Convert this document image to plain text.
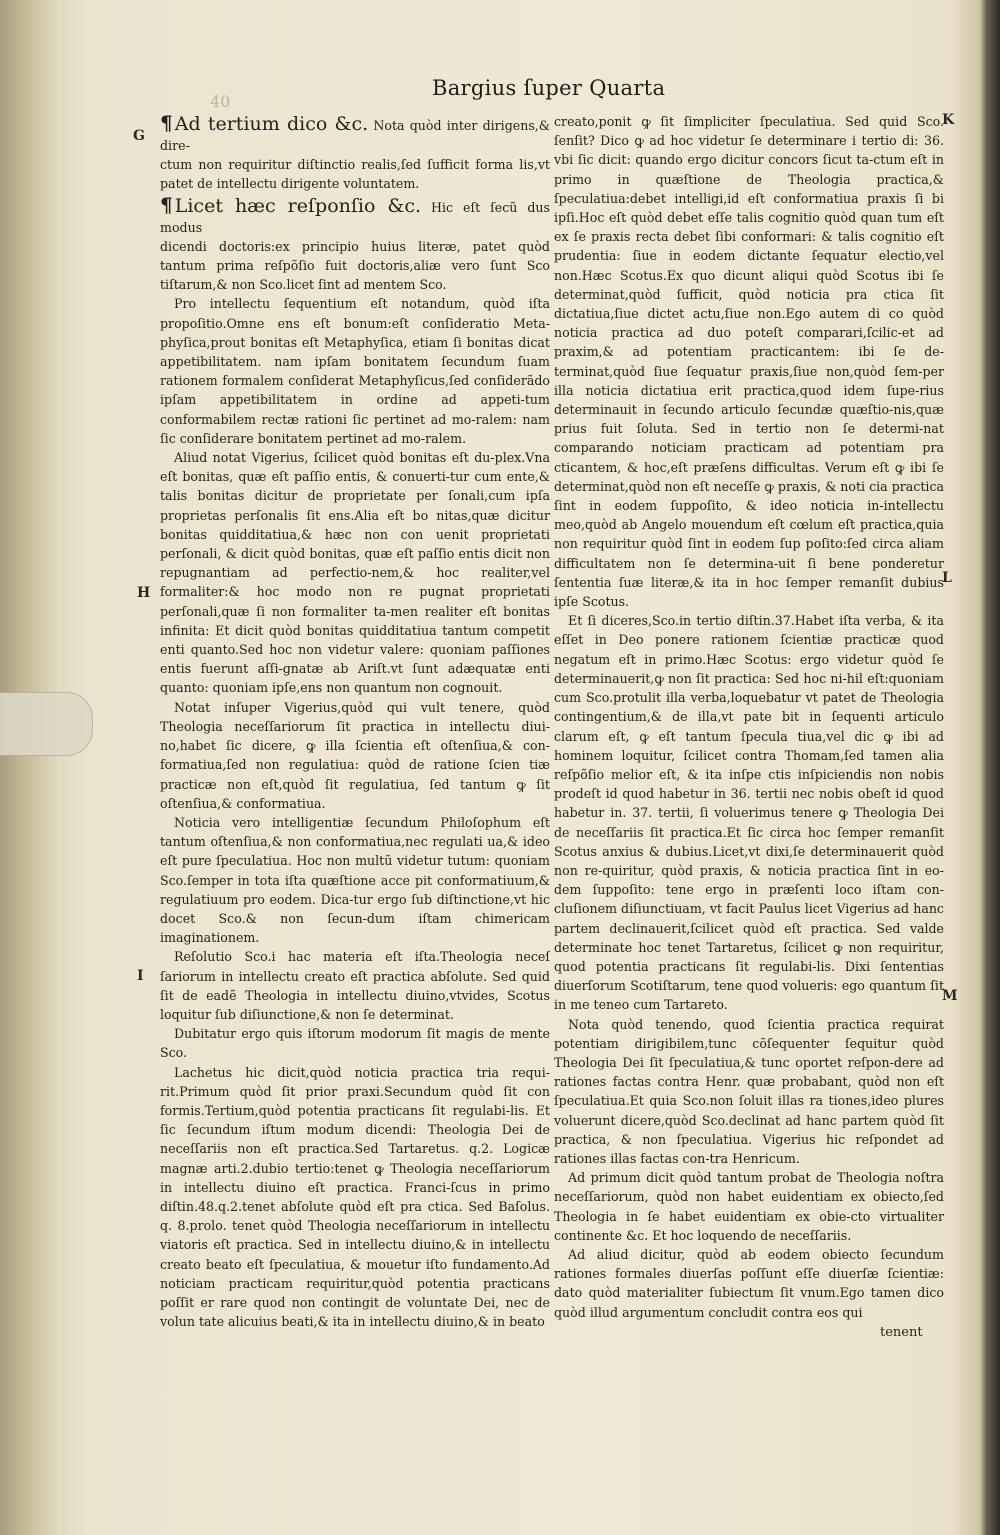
40
Bargius ſuper Quarta
G
K
H
L
I
M

¶ Ad tertium dico &c. Nota quòd inter dirigens,& dire-

ctum non requiritur diſtinctio realis,ſed ſufficit forma lis,vt patet de intellectu dirigente voluntatem.

¶ Licet hæc reſponſio &c. Hic eſt ſecũ dus modus

dicendi doctoris:ex principio huius literæ, patet quòd tantum prima reſpõſio fuit doctoris,aliæ vero ſunt Sco tiſtarum,& non Sco.licet ſint ad mentem Sco.

Pro intellectu ſequentium eſt notandum, quòd iſta propoſitio.Omne ens eſt bonum:eſt conſideratio Meta-phyſica,prout bonitas eſt Metaphyſica, etiam ſi bonitas dicat appetibilitatem. nam ipſam bonitatem ſecundum ſuam rationem formalem conſiderat Metaphyſicus,ſed conſiderãdo ipſam appetibilitatem in ordine ad appeti-tum conformabilem rectæ rationi ſic pertinet ad mo-ralem: nam ſic conſiderare bonitatem pertinet ad mo-ralem.

Aliud notat Vigerius, ſcilicet quòd bonitas eſt du-plex.Vna eſt bonitas, quæ eſt paſſio entis, & conuerti-tur cum ente,& talis bonitas dicitur de proprietate per ſonali,cum ipſa proprietas perſonalis ſit ens.Alia eſt bo nitas,quæ dicitur bonitas quidditatiua,& hæc non con uenit proprietati perſonali, & dicit quòd bonitas, quæ eſt paſſio entis dicit non repugnantiam ad perfectio-nem,& hoc realiter,vel formaliter:& hoc modo non re pugnat proprietati perſonali,quæ ſi non formaliter ta-men realiter eſt bonitas infinita: Et dicit quòd bonitas quidditatiua tantum competit enti quanto.Sed hoc non videtur valere: quoniam paſſiones entis fuerunt aſſi-gnatæ ab Ariſt.vt ſunt adæquatæ enti quanto: quoniam ipſe,ens non quantum non cognouit.

Notat inſuper Vigerius,quòd qui vult tenere, quòd Theologia neceſſariorum ſit practica in intellectu diui-no,habet ſic dicere, ꝙ illa ſcientia eſt oſtenſiua,& con-formatiua,ſed non regulatiua: quòd de ratione ſcien tiæ practicæ non eſt,quòd ſit regulatiua, ſed tantum ꝙ ſit oſtenſiua,& conformatiua.

Noticia vero intelligentiæ ſecundum Philoſophum eſt tantum oſtenſiua,& non conformatiua,nec regulati ua,& ideo eſt pure ſpeculatiua. Hoc non multũ videtur tutum: quoniam Sco.ſemper in tota iſta quæſtione acce pit conformatiuum,& regulatiuum pro eodem. Dica-tur ergo ſub diſtinctione,vt hic docet Sco.& non ſecun-dum iſtam chimericam imaginationem.

Reſolutio Sco.i hac materia eſt iſta.Theologia neceſ ſariorum in intellectu creato eſt practica abſolute. Sed quid ſit de eadẽ Theologia in intellectu diuino,vtvides, Scotus loquitur ſub diſiunctione,& non ſe determinat.

Dubitatur ergo quis iſtorum modorum ſit magis de mente Sco.

Lachetus hic dicit,quòd noticia practica tria requi-rit.Primum quòd ſit prior praxi.Secundum quòd ſit con formis.Tertium,quòd potentia practicans ſit regulabi-lis. Et ſic ſecundum iſtum modum dicendi: Theologia Dei de neceſſariis non eſt practica.Sed Tartaretus. q.2. Logicæ magnæ arti.2.dubio tertio:tenet ꝙ Theologia neceſſariorum in intellectu diuino eſt practica. Franci-ſcus in primo diſtin.48.q.2.tenet abſolute quòd eſt pra ctica. Sed Baſolus. q. 8.prolo. tenet quòd Theologia neceſſariorum in intellectu viatoris eſt practica. Sed in intellectu diuino,& in intellectu creato beato eſt ſpeculatiua, & mouetur iſto fundamento.Ad noticiam practicam requiritur,quòd potentia practicans poſſit er rare quod non contingit de voluntate Dei, nec de volun tate alicuius beati,& ita in intellectu diuino,& in beato

creato,ponit ꝙ ſit ſimpliciter ſpeculatiua. Sed quid Sco. ſenſit? Dico ꝙ ad hoc videtur ſe determinare i tertio di: 36. vbi ſic dicit: quando ergo dicitur concors ſicut ta-ctum eſt in primo in quæſtione de Theologia practica,& ſpeculatiua:debet intelligi,id eſt conformatiua praxis ſi bi ipſi.Hoc eſt quòd debet eſſe talis cognitio quòd quan tum eſt ex ſe praxis recta debet ſibi conformari: & talis cognitio eſt prudentia: ſiue in eodem dictante ſequatur electio,vel non.Hæc Scotus.Ex quo dicunt aliqui quòd Scotus ibi ſe determinat,quòd ſufficit, quòd noticia pra ctica ſit dictatiua,ſiue dictet actu,ſiue non.Ego autem di co quòd noticia practica ad duo poteſt comparari,ſcilic-et ad praxim,& ad potentiam practicantem: ibi ſe de-terminat,quòd ſiue ſequatur praxis,ſiue non,quòd ſem-per illa noticia dictatiua erit practica,quod idem ſupe-rius determinauit in ſecundo articulo ſecundæ quæſtio-nis,quæ prius fuit ſoluta. Sed in tertio non ſe determi-nat comparando noticiam practicam ad potentiam pra cticantem, & hoc,eſt præſens difficultas. Verum eſt ꝙ ibi ſe determinat,quòd non eſt neceſſe ꝙ praxis, & noti cia practica ſint in eodem ſuppoſito, & ideo noticia in-intellectu meo,quòd ab Angelo mouendum eſt cœlum eſt practica,quia non requiritur quòd ſint in eodem ſup poſito:ſed circa aliam difficultatem non ſe determina-uit ſi bene ponderetur ſententia ſuæ literæ,& ita in hoc ſemper remanſit dubius ipſe Scotus.

Et ſi diceres,Sco.in tertio diſtin.37.Habet iſta verba, & ita eſſet in Deo ponere rationem ſcientiæ practicæ quod negatum eſt in primo.Hæc Scotus: ergo videtur quòd ſe determinauerit,ꝙ non ſit practica: Sed hoc ni-hil eſt:quoniam cum Sco.protulit illa verba,loquebatur vt patet de Theologia contingentium,& de illa,vt pate bit in ſequenti articulo clarum eſt, ꝙ eſt tantum ſpecula tiua,vel dic ꝙ ibi ad hominem loquitur, ſcilicet contra Thomam,ſed tamen alia reſpõſio melior eſt, & ita inſpe ctis inſpiciendis non nobis prodeſt id quod habetur in 36. tertii nec nobis obeſt id quod habetur in. 37. tertii, ſi voluerimus tenere ꝙ Theologia Dei de neceſſariis ſit practica.Et ſic circa hoc ſemper remanſit Scotus anxius & dubius.Licet,vt dixi,ſe determinauerit quòd non re-quiritur, quòd praxis, & noticia practica ſint in eo-dem ſuppoſito: tene ergo in præſenti loco iſtam con-cluſionem diſiunctiuam, vt facit Paulus licet Vigerius ad hanc partem declinauerit,ſcilicet quòd eſt practica. Sed valde determinate hoc tenet Tartaretus, ſcilicet ꝙ non requiritur, quod potentia practicans ſit regulabi-lis. Dixi ſententias diuerſorum Scotiſtarum, tene quod volueris: ego quantum ſit in me teneo cum Tartareto.

Nota quòd tenendo, quod ſcientia practica requirat potentiam dirigibilem,tunc cõſequenter ſequitur quòd Theologia Dei ſit ſpeculatiua,& tunc oportet reſpon-dere ad rationes factas contra Henr. quæ probabant, quòd non eſt ſpeculatiua.Et quia Sco.non ſoluit illas ra tiones,ideo plures voluerunt dicere,quòd Sco.declinat ad hanc partem quòd ſit practica, & non ſpeculatiua. Vigerius hic reſpondet ad rationes illas factas con-tra Henricum.

Ad primum dicit quòd tantum probat de Theologia noſtra neceſſariorum, quòd non habet euidentiam ex obiecto,ſed Theologia in ſe habet euidentiam ex obie-cto virtualiter continente &c. Et hoc loquendo de neceſſariis.

Ad aliud dicitur, quòd ab eodem obiecto ſecundum rationes formales diuerſas poſſunt eſſe diuerſæ ſcientiæ: dato quòd materialiter ſubiectum ſit vnum.Ego tamen dico quòd illud argumentum concludit contra eos qui

tenent
